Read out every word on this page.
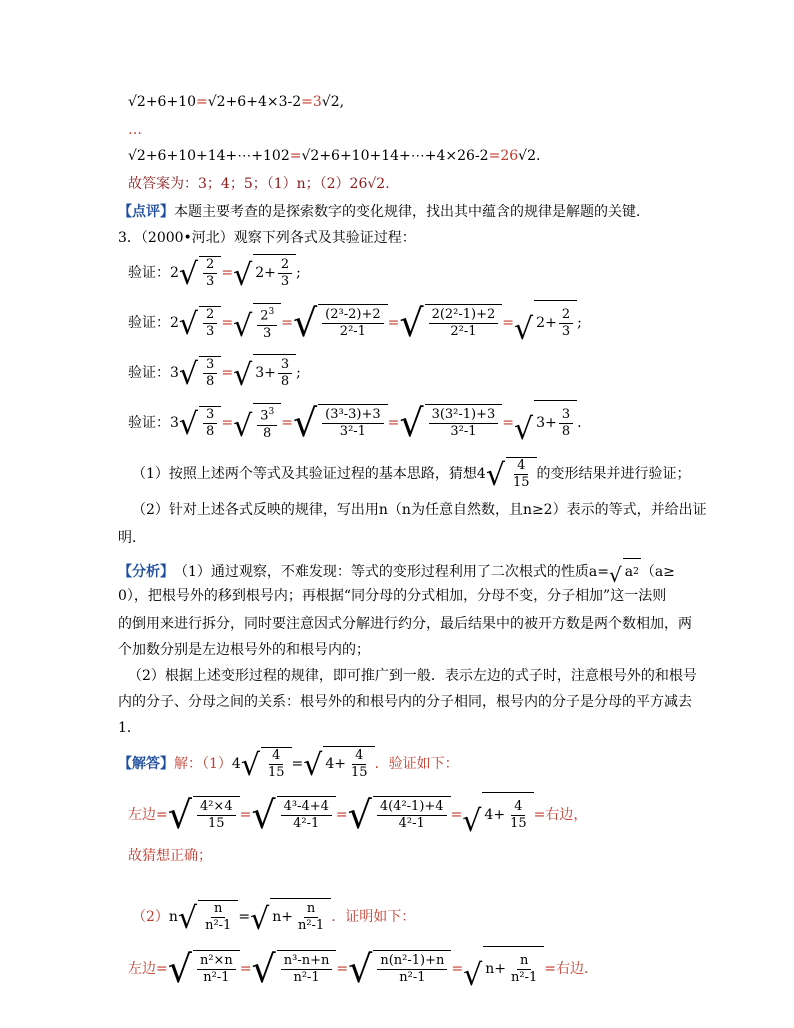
√2+6+10=√2+6+4×3-2=3√2,
…
√2+6+10+14+⋯+102=√2+6+10+14+⋯+4×26-2=26√2.
故答案为：3；4；5；（1）n；（2）26√2.
【点评】本题主要考查的是探索数字的变化规律，找出其中蕴含的规律是解题的关键．
3．（2000•河北）观察下列各式及其验证过程：
验证： 2 √ $\frac{2}{3}$ = √ $2 + \frac{2}{3}$ ;
验证： 2 √ $\frac{2}{3}$ = √ $\frac{2^3}{3}$ = √ $\frac{\text{(2³-2)+2}}{\text{2²-1}}$ = √ $\frac{\text{2(2²-1)+2}}{\text{2²-1}}$ = √ $2 + \frac{2}{3}$ ;
验证： 3 √ $\frac{3}{8}$ = √ $3 + \frac{3}{8}$ ;
验证： 3 √ $\frac{3}{8}$ = √ $\frac{3^3}{8}$ = √ $\frac{\text{(3³-3)+3}}{\text{3²-1}}$ = √ $\frac{\text{3(3²-1)+3}}{\text{3²-1}}$ = √ $3 + \frac{3}{8}$ .
（1）按照上述两个等式及其验证过程的基本思路，猜想4 √ $\frac{4}{15}$ 的变形结果并进行验证；
（2）针对上述各式反映的规律，写出用n（n为任意自然数，且n≥2）表示的等式，并给出证
明．
【分析】 （1）通过观察，不难发现：等式的变形过程利用了二次根式的性质a= √ a 2 （a≥
0），把根号外的移到根号内；再根据“同分母的分式相加，分母不变，分子相加”这一法则
的倒用来进行拆分，同时要注意因式分解进行约分，最后结果中的被开方数是两个数相加，两
个加数分别是左边根号外的和根号内的；
（2）根据上述变形过程的规律，即可推广到一般．表示左边的式子时，注意根号外的和根号
内的分子、分母之间的关系：根号外的和根号内的分子相同，根号内的分子是分母的平方减去
1．
【解答】 解：（1） 4 √ $\frac{4}{15}$ = √ $4 + \frac{4}{15}$ ．验证如下：
左边= √ $\frac{\text{4²×4}}{15}$ = √ $\frac{\text{4³-4+4}}{\text{4²-1}}$ = √ $\frac{\text{4(4²-1)+4}}{\text{4²-1}}$ = √ $4 + \frac{4}{15}$ =右边，
故猜想正确；
（2） n √ $\frac{n}{\text{n²-1}}$ = √ $n + \frac{n}{\text{n²-1}}$ ．证明如下：
左边= √ $\frac{\text{n²×n}}{\text{n²-1}}$ = √ $\frac{\text{n³-n+n}}{\text{n²-1}}$ = √ $\frac{\text{n(n²-1)+n}}{\text{n²-1}}$ = √ $n + \frac{n}{\text{n²-1}}$ =右边．
